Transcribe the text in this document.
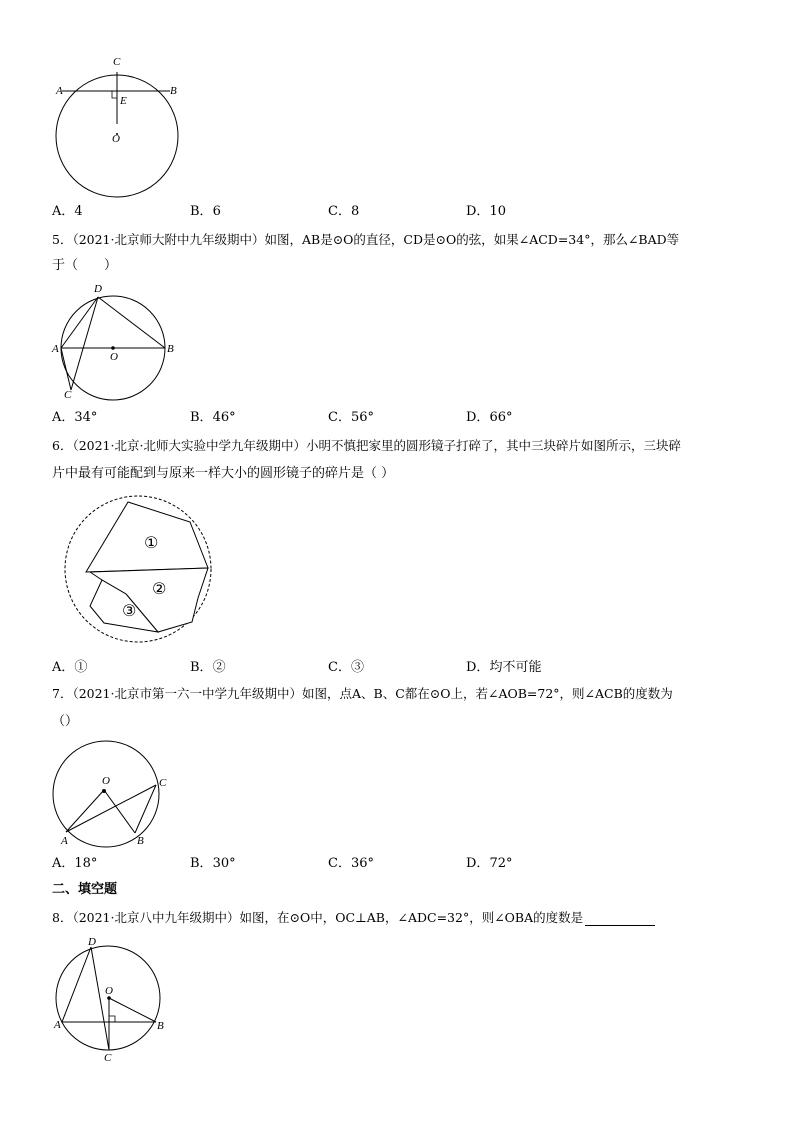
C
A	B
E
O
A．4	B．6	C．8	D．10
5．（2021·北京师大附中九年级期中）如图，AB是⊙O的直径，CD是⊙O的弦，如果∠ACD=34°，那么∠BAD等
于（　　）
D
A	B
O
C
A．34°	B．46°	C．56°	D．66°
6．（2021·北京·北师大实验中学九年级期中）小明不慎把家里的圆形镜子打碎了，其中三块碎片如图所示，三块碎
片中最有可能配到与原来一样大小的圆形镜子的碎片是（ ）
①
②
③
A．①	B．②	C．③	D．均不可能
7．（2021·北京市第一六一中学九年级期中）如图，点A、B、C都在⊙O上，若∠AOB=72°，则∠ACB的度数为
（）
O	C
A	B
A．18°	B．30°	C．36°	D．72°
二、填空题
8．（2021·北京八中九年级期中）如图，在⊙O中，OC⊥AB，∠ADC=32°，则∠OBA的度数是
D
O
A	B
C
